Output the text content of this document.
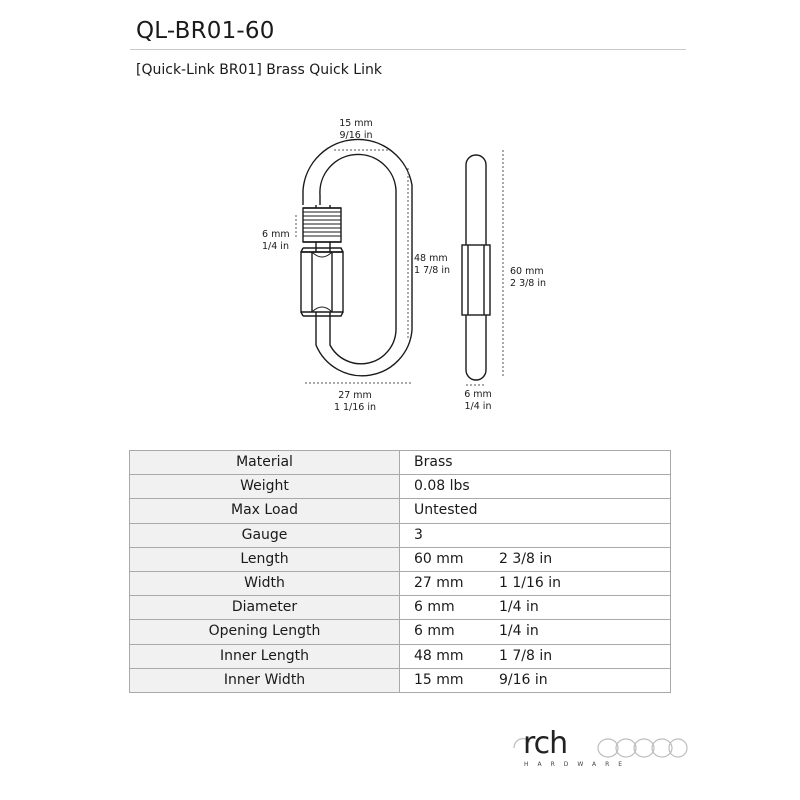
QL-BR01-60
[Quick-Link BR01] Brass Quick Link
15 mm
9/16 in
6 mm
1/4 in
48 mm
1 7/8 in
27 mm
1 1/16 in
60 mm
2 3/8 in
6 mm
1/4 in
Material	Brass
Weight	0.08 lbs
Max Load	Untested
Gauge	3
Length	60 mm 2 3/8 in
Width	27 mm 1 1/16 in
Diameter	6 mm 1/4 in
Opening Length	6 mm 1/4 in
Inner Length	48 mm 1 7/8 in
Inner Width	15 mm 9/16 in
rch
HARDWARE
